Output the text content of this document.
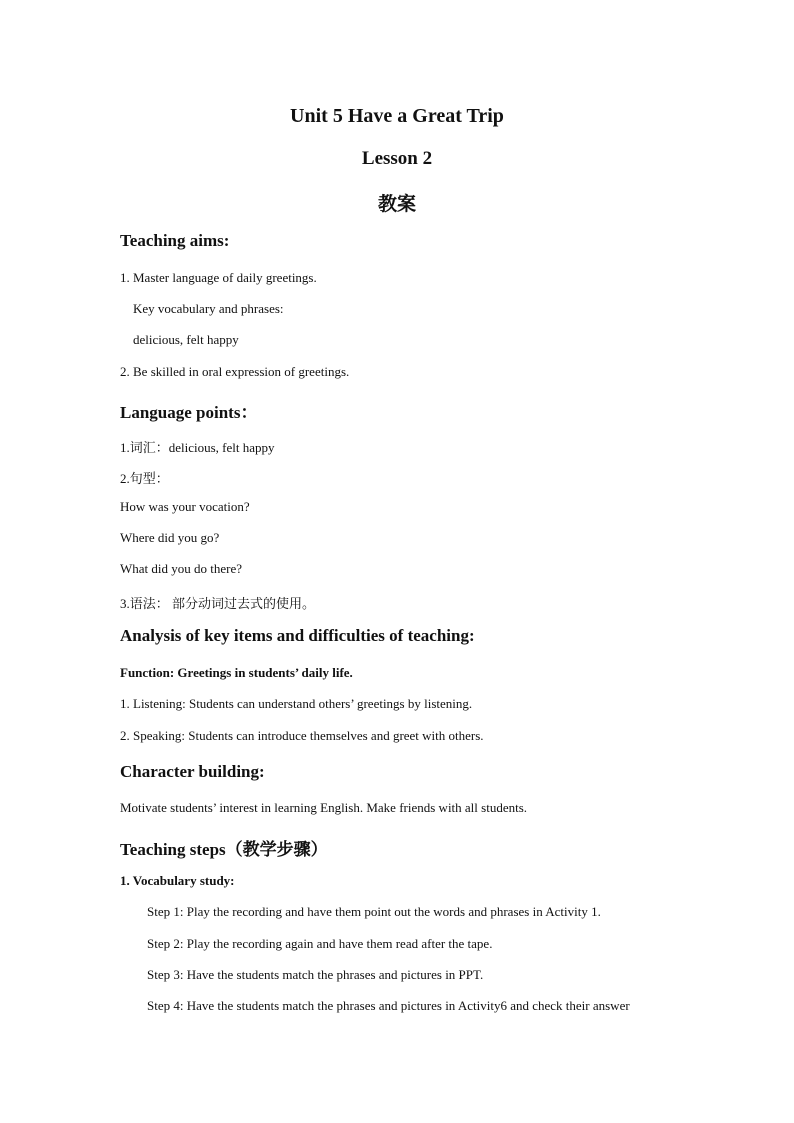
Unit 5 Have a Great Trip
Lesson 2
教案
Teaching aims:
1. Master language of daily greetings.
Key vocabulary and phrases:
delicious, felt happy
2. Be skilled in oral expression of greetings.
Language points：
1.词汇：delicious, felt happy
2.句型：
How was your vocation?
Where did you go?
What did you do there?
3.语法： 部分动词过去式的使用。
Analysis of key items and difficulties of teaching:
Function: Greetings in students’ daily life.
1. Listening: Students can understand others’ greetings by listening.
2. Speaking: Students can introduce themselves and greet with others.
Character building:
Motivate students’ interest in learning English. Make friends with all students.
Teaching steps（教学步骤）
1. Vocabulary study:
Step 1: Play the recording and have them point out the words and phrases in Activity 1.
Step 2: Play the recording again and have them read after the tape.
Step 3: Have the students match the phrases and pictures in PPT.
Step 4: Have the students match the phrases and pictures in Activity6 and check their answer
